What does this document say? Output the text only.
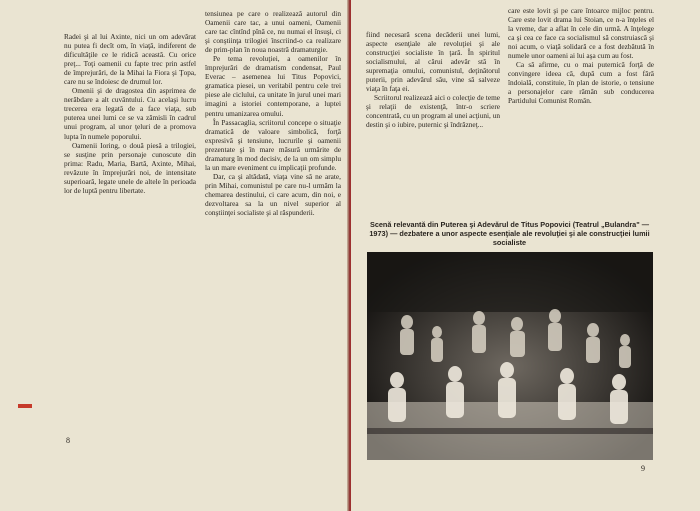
Radei şi al lui Axinte, nici un om adevărat nu putea fi decît om, în viaţă, indiferent de dificultăţile ce le ridică această. Cu orice preţ... Toţi oamenii cu fapte trec prin astfel de împrejurări, de la Mihai la Fiora şi Ţopa, care nu se îndoiesc de drumul lor.

Omenii şi de dragostea din asprimea de nerăbdare a alt cuvântului. Cu acelaşi lucru trecerea era legată de a face viaţa, sub puterea unei lumi ce se va zămisli în cadrul unui program, al unor ţeluri de a promova lupta în numele poporului.

Oamenii Ioring, o două piesă a trilogiei, se susţine prin personaje cunoscute din prima: Radu, Maria, Bartă, Axinte, Mihai, revăzute în împrejurări noi, de intensitate superioară, legate unele de altele în perioada lor de luptă pentru libertate.

tensiunea pe care o realizează autorul din Oamenii care tac, a unui oameni, Oamenii care tac cîntînd pînă ce, nu numai el însuşi, ci şi conştiinţa trilogiei înscriind-o ca realizare de prim-plan în noua noastră dramaturgie.

Pe tema revoluţiei, a oamenilor în împrejurări de dramatism condensat, Paul Everac – asemenea lui Titus Popovici, gramatica piesei, un veritabil pentru cele trei piese ale ciclului, ca unitate în jurul unei mari imagini a istoriei contemporane, a luptei pentru umanizarea omului.

În Passacaglia, scriitorul concepe o situaţie dramatică de valoare simbolică, forţă expresivă şi tensiune, lucrurile şi oamenii prezentate şi în mare măsură urmărite de dramaturg în mod decisiv, de la un om simplu la un mare eveniment cu implicaţii profunde.

Dar, ca şi altădată, viaţa vine să ne arate, prin Mihai, comunistul pe care nu-l urmăm la chemarea destinului, ci care acum, din noi, e dezvoltarea sa la un nivel superior al conştiinţei socialiste şi al răspunderii.

8

fiind necesară scena decăderii unei lumi, aspecte esenţiale ale revoluţiei şi ale construcţiei socialiste în ţară. În spiritul socialismului, al cărui adevăr stă în supremaţia omului, comunistul, deţinătorul puterii, prin adevărul său, vine să salveze viaţa în faţa ei.

Scriitorul realizează aici o colecţie de teme şi relaţii de existenţă, într-o scriere concentrată, cu un program al unei acţiuni, un destin şi o iubire, puternic şi îndrăzneţ...

care este lovit şi pe care întoarce mijloc pentru. Care este lovit drama lui Stoian, ce n-a înţeles el la vreme, dar a aflat în cele din urmă. A înţelege ca şi cea ce face ca socialismul să construiască şi noi acum, o viaţă solidară ce a fost dezbătută în numele unor oameni ai lui aşa cum au fost.

Ca să afirme, cu o mai puternică forţă de convingere ideea că, după cum a fost fără îndoială, constituie, în plan de istorie, o tensiune a personajelor care rămân sub conducerea Partidului Comunist Român.

Scenă relevantă din Puterea şi Adevărul de Titus Popovici (Teatrul „Bulandra" — 1973) — dezbatere a unor aspecte esenţiale ale revoluţiei şi ale construcţiei lumii socialiste
9
